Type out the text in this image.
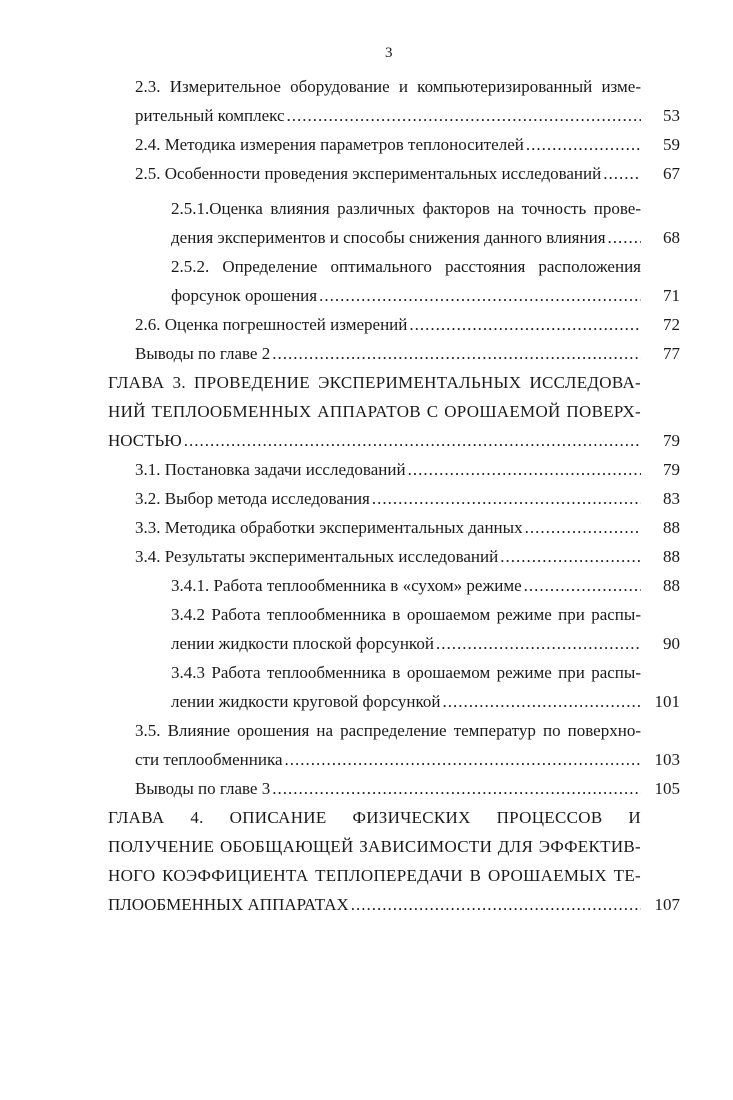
3
2.3. Измерительное оборудование и компьютеризированный изме-
рительный комплекс .....	53
2.4. Методика измерения параметров теплоносителей .....	59
2.5. Особенности проведения экспериментальных исследований .....	67
2.5.1.Оценка влияния различных факторов на точность прове-
дения экспериментов и способы снижения данного влияния .....	68
2.5.2. Определение оптимального расстояния расположения
форсунок орошения .....	71
2.6. Оценка погрешностей измерений .....	72
Выводы по главе 2 .....	77
ГЛАВА 3. ПРОВЕДЕНИЕ ЭКСПЕРИМЕНТАЛЬНЫХ ИССЛЕДОВА-
НИЙ ТЕПЛООБМЕННЫХ АППАРАТОВ С ОРОШАЕМОЙ ПОВЕРХ-
НОСТЬЮ .....	79
3.1. Постановка задачи исследований .....	79
3.2. Выбор метода исследования .....	83
3.3. Методика обработки экспериментальных данных .....	88
3.4. Результаты экспериментальных исследований .....	88
3.4.1. Работа теплообменника в «сухом» режиме .....	88
3.4.2 Работа теплообменника в орошаемом режиме при распы-
лении жидкости плоской форсункой .....	90
3.4.3 Работа теплообменника в орошаемом режиме при распы-
лении жидкости круговой форсункой .....	101
3.5. Влияние орошения на распределение температур по поверхно-
сти теплообменника .....	103
Выводы по главе 3 .....	105
ГЛАВА 4. ОПИСАНИЕ ФИЗИЧЕСКИХ ПРОЦЕССОВ И
ПОЛУЧЕНИЕ ОБОБЩАЮЩЕЙ ЗАВИСИМОСТИ ДЛЯ ЭФФЕКТИВ-
НОГО КОЭФФИЦИЕНТА ТЕПЛОПЕРЕДАЧИ В ОРОШАЕМЫХ ТЕ-
ПЛООБМЕННЫХ АППАРАТАХ .....	107
